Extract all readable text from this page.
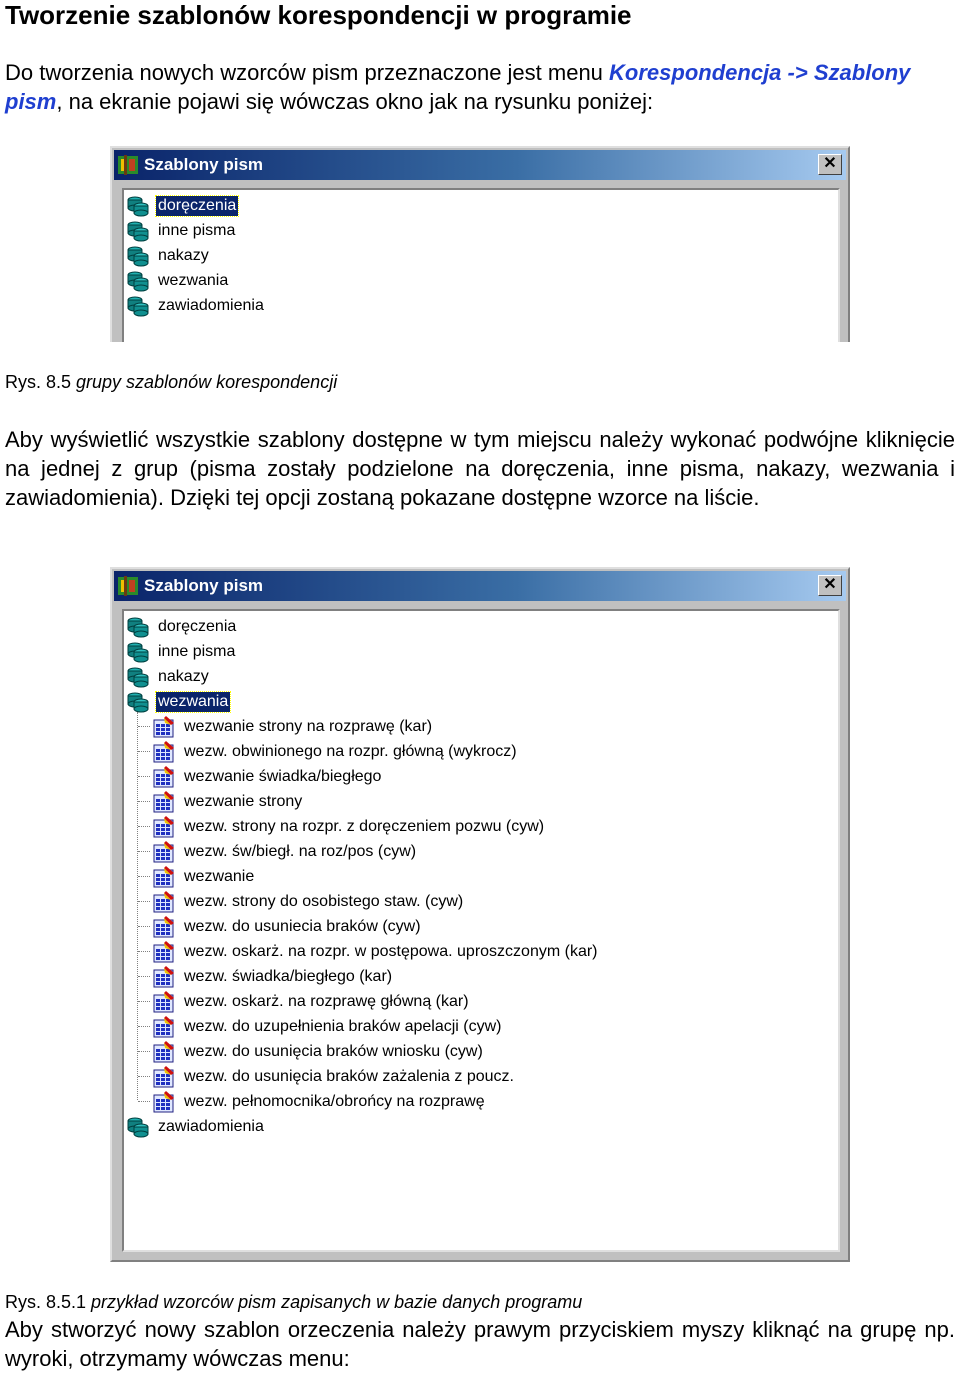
Tworzenie szablonów korespondencji w programie

Do tworzenia nowych wzorców pism przeznaczone jest menu Korespondencja -> Szablony pism, na ekranie pojawi się wówczas okno jak na rysunku poniżej:

Szablony pism	✕
doręczenia
inne pisma
nakazy
wezwania
zawiadomienia

Rys. 8.5 grupy szablonów korespondencji

Aby wyświetlić wszystkie szablony dostępne w tym miejscu należy wykonać podwójne kliknięcie na jednej z grup (pisma zostały podzielone na doręczenia, inne pisma, nakazy, wezwania i zawiadomienia). Dzięki tej opcji zostaną pokazane dostępne wzorce na liście.

Szablony pism	✕
doręczenia
inne pisma
nakazy
wezwania
wezwanie strony na rozprawę (kar)
wezw. obwinionego na rozpr. główną (wykrocz)
wezwanie świadka/biegłego
wezwanie strony
wezw. strony na rozpr. z doręczeniem pozwu (cyw)
wezw. św/biegł. na roz/pos (cyw)
wezwanie
wezw. strony do osobistego staw. (cyw)
wezw. do usuniecia braków (cyw)
wezw. oskarż. na rozpr. w postępowa. uproszczonym (kar)
wezw. świadka/biegłego (kar)
wezw. oskarż. na rozprawę główną (kar)
wezw. do uzupełnienia braków apelacji (cyw)
wezw. do usunięcia braków wniosku (cyw)
wezw. do usunięcia braków zażalenia z poucz.
wezw. pełnomocnika/obrońcy na rozprawę
zawiadomienia

Rys. 8.5.1 przykład wzorców pism zapisanych w bazie danych programu

Aby stworzyć nowy szablon orzeczenia należy prawym przyciskiem myszy kliknąć na grupę np. wyroki, otrzymamy wówczas menu:
